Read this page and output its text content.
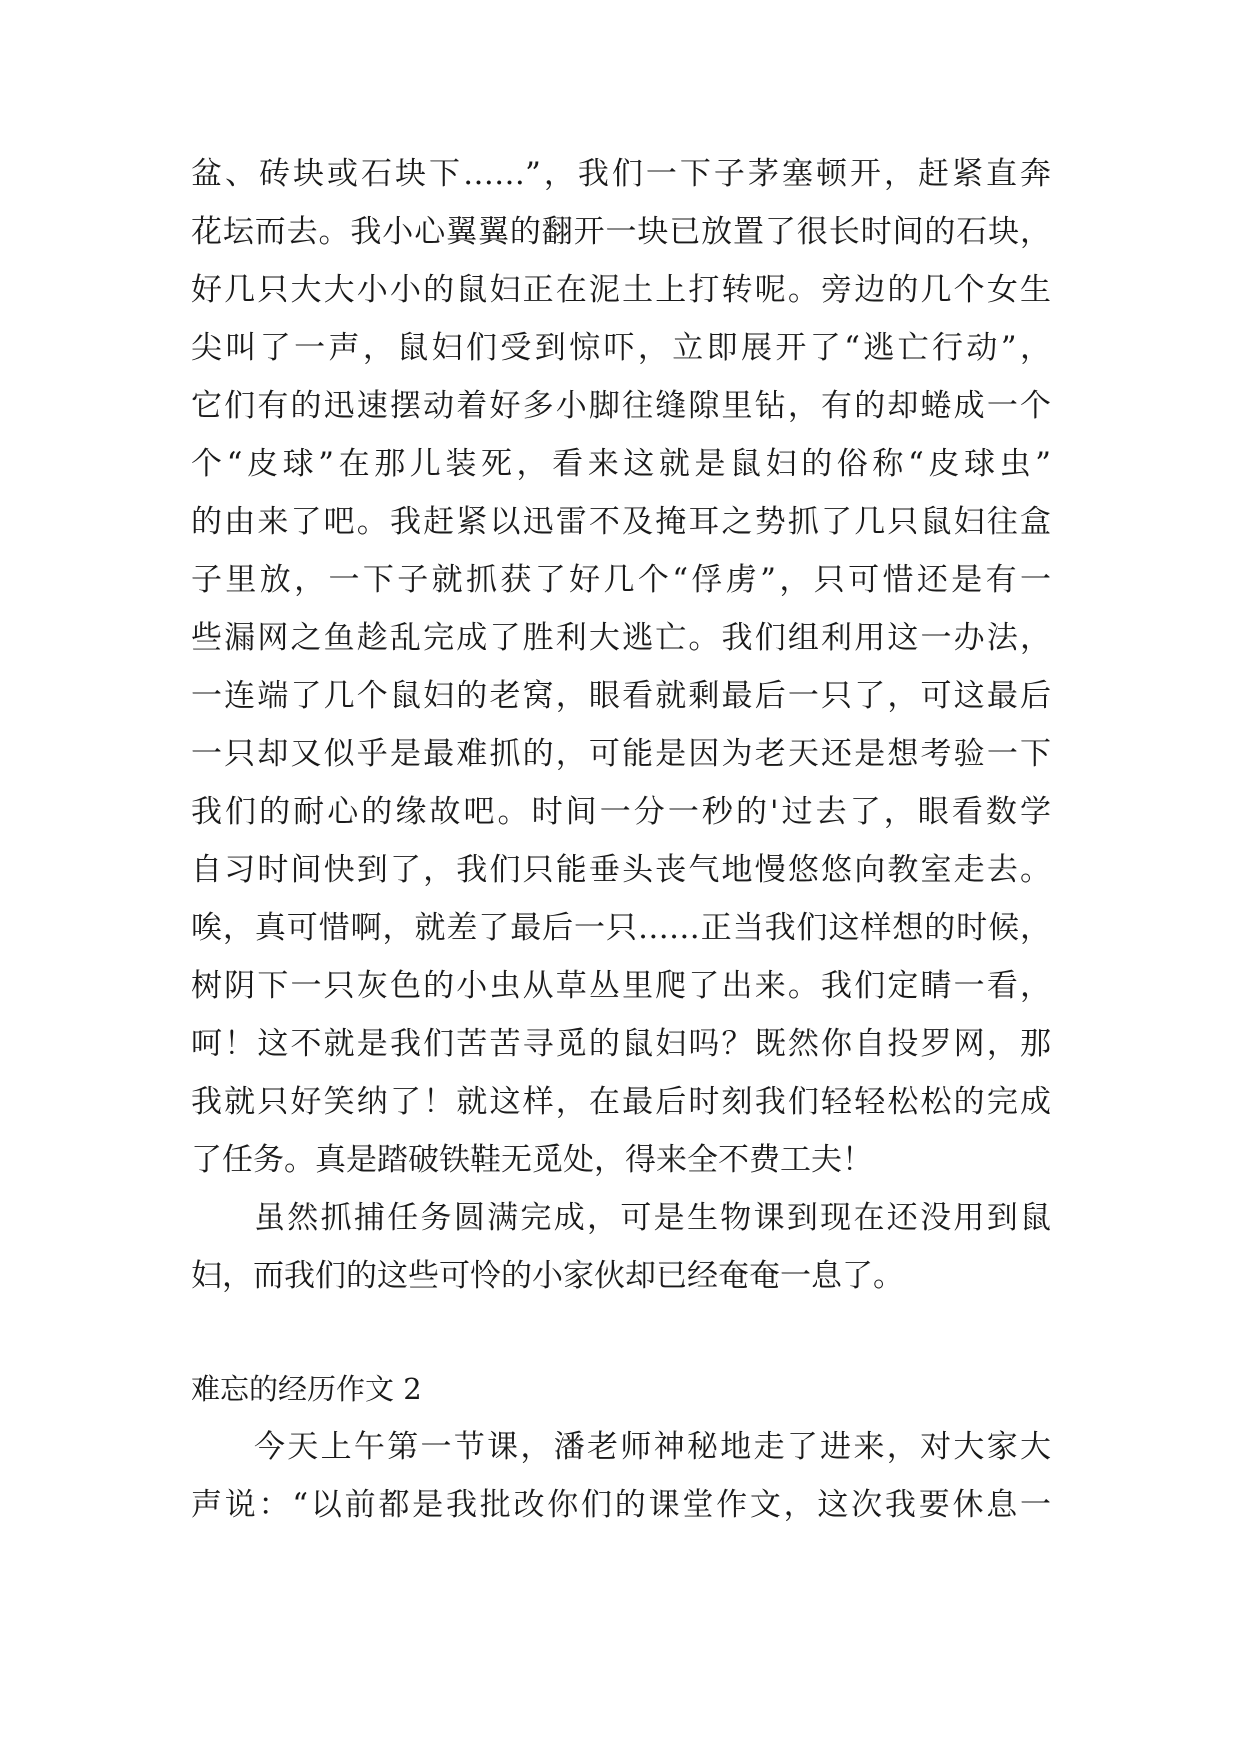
盆、砖块或石块下……”，我们一下子茅塞顿开，赶紧直奔
花坛而去。我小心翼翼的翻开一块已放置了很长时间的石块，
好几只大大小小的鼠妇正在泥土上打转呢。旁边的几个女生
尖叫了一声，鼠妇们受到惊吓，立即展开了“逃亡行动”，
它们有的迅速摆动着好多小脚往缝隙里钻，有的却蜷成一个
个“皮球”在那儿装死，看来这就是鼠妇的俗称“皮球虫”
的由来了吧。我赶紧以迅雷不及掩耳之势抓了几只鼠妇往盒
子里放，一下子就抓获了好几个“俘虏”，只可惜还是有一
些漏网之鱼趁乱完成了胜利大逃亡。我们组利用这一办法，
一连端了几个鼠妇的老窝，眼看就剩最后一只了，可这最后
一只却又似乎是最难抓的，可能是因为老天还是想考验一下
我们的耐心的缘故吧。时间一分一秒的'过去了，眼看数学
自习时间快到了，我们只能垂头丧气地慢悠悠向教室走去。
唉，真可惜啊，就差了最后一只……正当我们这样想的时候，
树阴下一只灰色的小虫从草丛里爬了出来。我们定睛一看，
呵！这不就是我们苦苦寻觅的鼠妇吗？既然你自投罗网，那
我就只好笑纳了！就这样，在最后时刻我们轻轻松松的完成
了任务。真是踏破铁鞋无觅处，得来全不费工夫！
虽然抓捕任务圆满完成，可是生物课到现在还没用到鼠
妇，而我们的这些可怜的小家伙却已经奄奄一息了。
难忘的经历作文 2
今天上午第一节课，潘老师神秘地走了进来，对大家大
声说：“以前都是我批改你们的课堂作文，这次我要休息一
